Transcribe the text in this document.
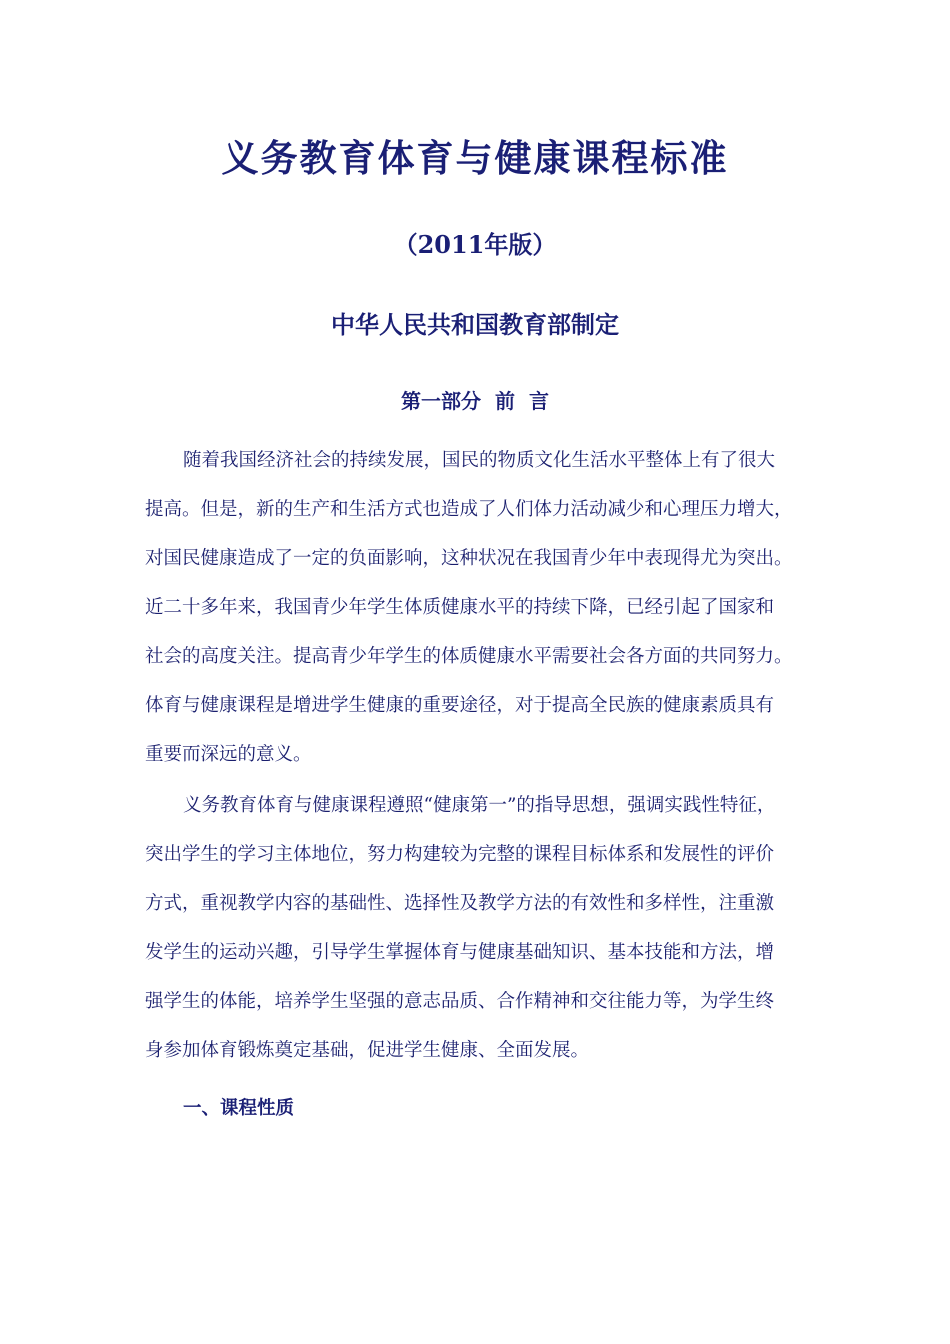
义务教育体育与健康课程标准
（2011年版）
中华人民共和国教育部制定
第一部分 前 言
随着我国经济社会的持续发展，国民的物质文化生活水平整体上有了很大
提高。但是，新的生产和生活方式也造成了人们体力活动减少和心理压力增大，
对国民健康造成了一定的负面影响，这种状况在我国青少年中表现得尤为突出。
近二十多年来，我国青少年学生体质健康水平的持续下降，已经引起了国家和
社会的高度关注。提高青少年学生的体质健康水平需要社会各方面的共同努力。
体育与健康课程是增进学生健康的重要途径，对于提高全民族的健康素质具有
重要而深远的意义。
义务教育体育与健康课程遵照“健康第一”的指导思想，强调实践性特征，
突出学生的学习主体地位，努力构建较为完整的课程目标体系和发展性的评价
方式，重视教学内容的基础性、选择性及教学方法的有效性和多样性，注重激
发学生的运动兴趣，引导学生掌握体育与健康基础知识、基本技能和方法，增
强学生的体能，培养学生坚强的意志品质、合作精神和交往能力等，为学生终
身参加体育锻炼奠定基础，促进学生健康、全面发展。
一、课程性质
